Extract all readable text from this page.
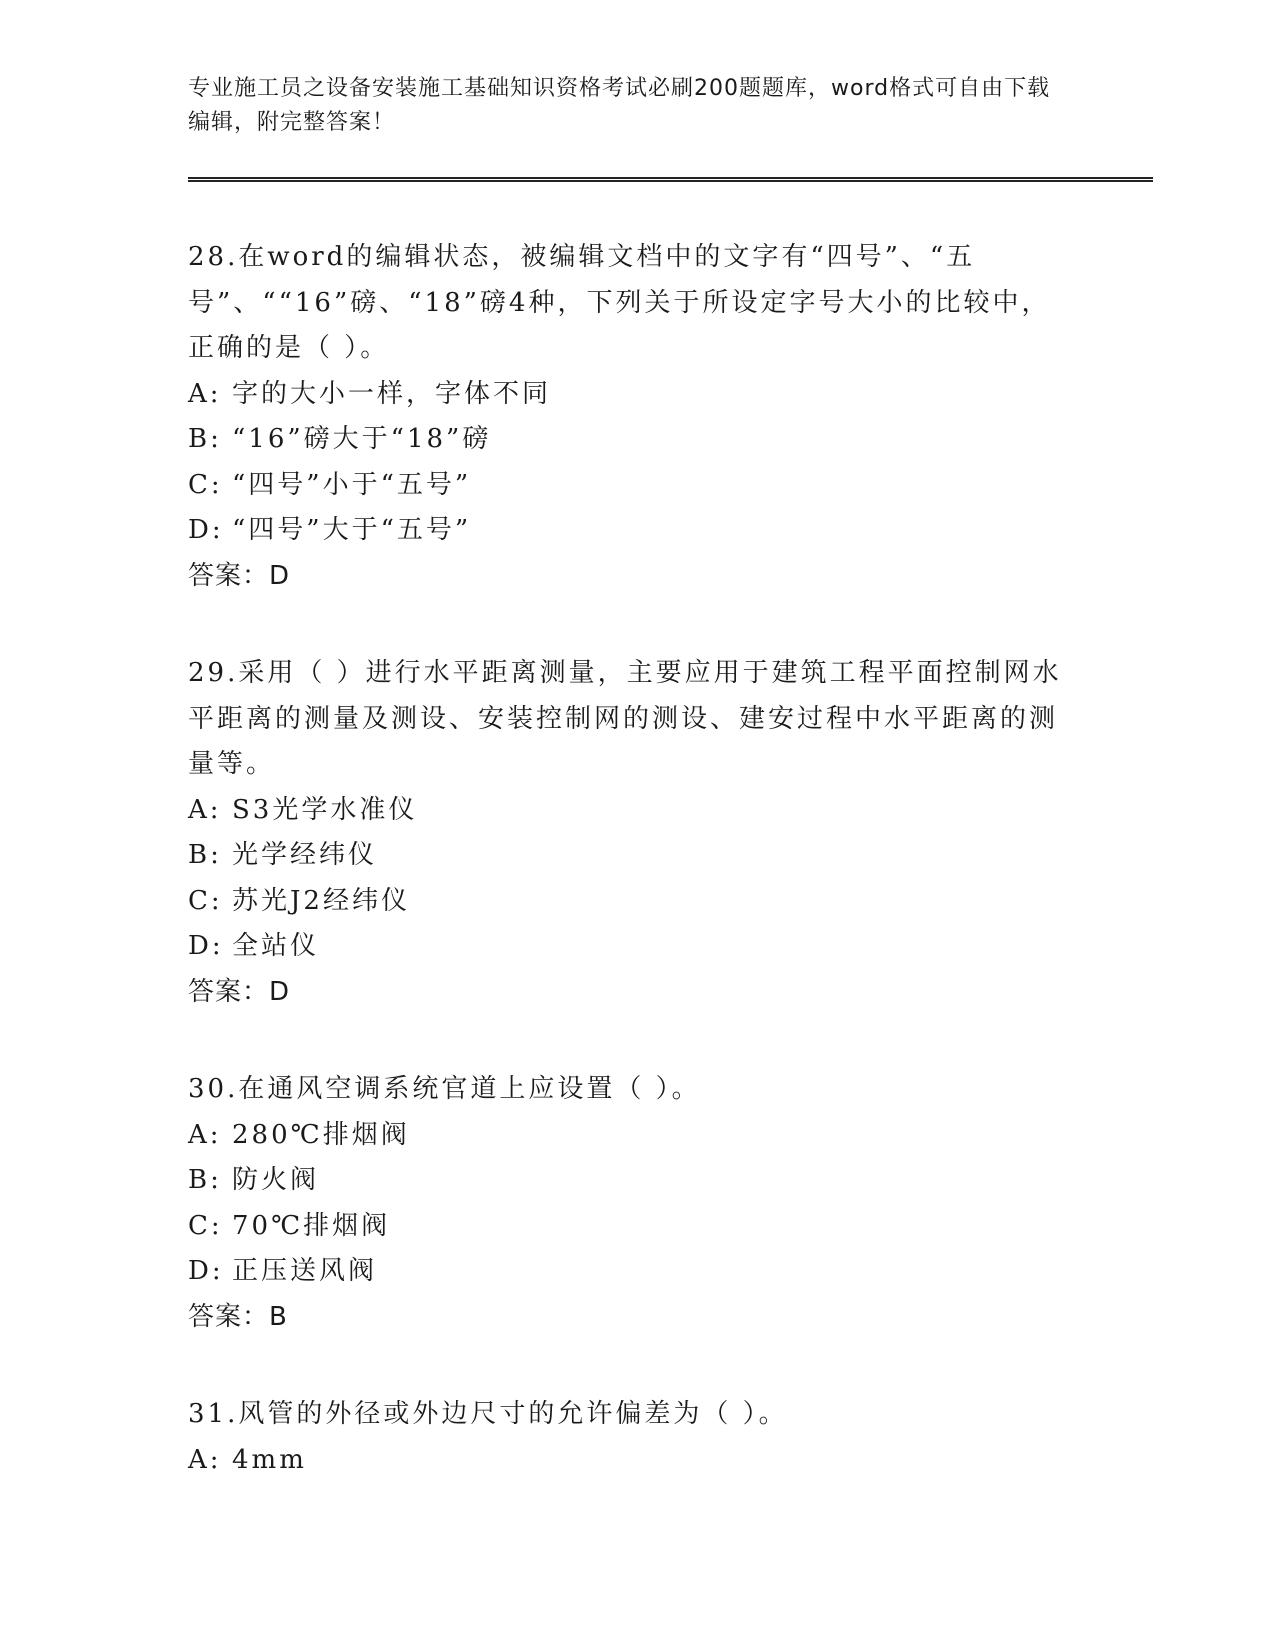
专业施工员之设备安装施工基础知识资格考试必刷200题题库，word格式可自由下载编辑，附完整答案！
28.在word的编辑状态，被编辑文档中的文字有“四号”、“五号”、““16”磅、“18”磅4种，下列关于所设定字号大小的比较中，正确的是（ ）。
A: 字的大小一样，字体不同
B: “16”磅大于“18”磅
C: “四号”小于“五号”
D: “四号”大于“五号”
答案：D
29.采用（ ）进行水平距离测量，主要应用于建筑工程平面控制网水平距离的测量及测设、安装控制网的测设、建安过程中水平距离的测量等。
A: S3光学水准仪
B: 光学经纬仪
C: 苏光J2经纬仪
D: 全站仪
答案：D
30.在通风空调系统官道上应设置（ ）。
A: 280℃排烟阀
B: 防火阀
C: 70℃排烟阀
D: 正压送风阀
答案：B
31.风管的外径或外边尺寸的允许偏差为（ ）。
A: 4mm
